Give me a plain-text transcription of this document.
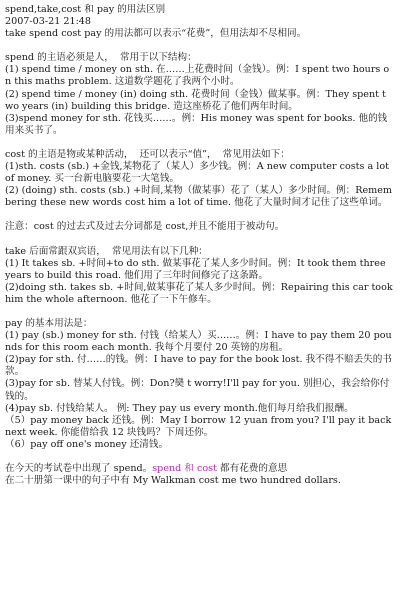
spend,take,cost 和 pay 的用法区别

2007-03-21 21:48

take spend cost pay 的用法都可以表示“花费”，但用法却不尽相同。

spend 的主语必须是人，  常用于以下结构：

(1) spend time / money on sth. 在……上花费时间（金钱）。例：I spent two hours on this maths problem. 这道数学题花了我两个小时。

(2) spend time / money (in) doing sth. 花费时间（金钱）做某事。例：They spent two years (in) building this bridge. 造这座桥花了他们两年时间。

(3)spend money for sth. 花钱买……。例：His money was spent for books. 他的钱用来买书了。

cost 的主语是物或某种活动，  还可以表示“值”，  常见用法如下：

(1)sth. costs (sb.) +金钱,某物花了（某人）多少钱。例：A new computer costs a lot of money. 买一台新电脑要花一大笔钱。

(2) (doing) sth. costs (sb.) +时间,某物（做某事）花了（某人）多少时间。例：Remembering these new words cost him a lot of time. 他花了大量时间才记住了这些单词。

注意：cost 的过去式及过去分词都是 cost,并且不能用于被动句。

take 后面常跟双宾语，  常见用法有以下几种：

(1) It takes sb. +时间+to do sth. 做某事花了某人多少时间。例：It took them three years to build this road. 他们用了三年时间修完了这条路。

(2)doing sth. takes sb. +时间,做某事花了某人多少时间。例：Repairing this car took him the whole afternoon. 他花了一下午修车。

pay 的基本用法是：

(1) pay (sb.) money for sth. 付钱（给某人）买……。例：I have to pay them 20 pounds for this room each month. 我每个月要付 20 英镑的房租。

(2)pay for sth. 付……的钱。例：I have to pay for the book lost. 我不得不赔丢失的书款。

(3)pay for sb. 替某人付钱。例：Don?奱 t worry!I'll pay for you. 别担心，我会给你付钱的。

(4)pay sb. 付钱给某人。 例: They pay us every month.他们每月给我们报酬。

（5）pay money back 还钱。例：May I borrow 12 yuan from you? I'll pay it back next week. 你能借给我 12 块钱吗？下周还你。

（6）pay off one's money 还清钱。

在今天的考试卷中出现了 spend。spend 和 cost 都有花费的意思

在二十册第一课中的句子中有 My Walkman cost me two hundred dollars.
